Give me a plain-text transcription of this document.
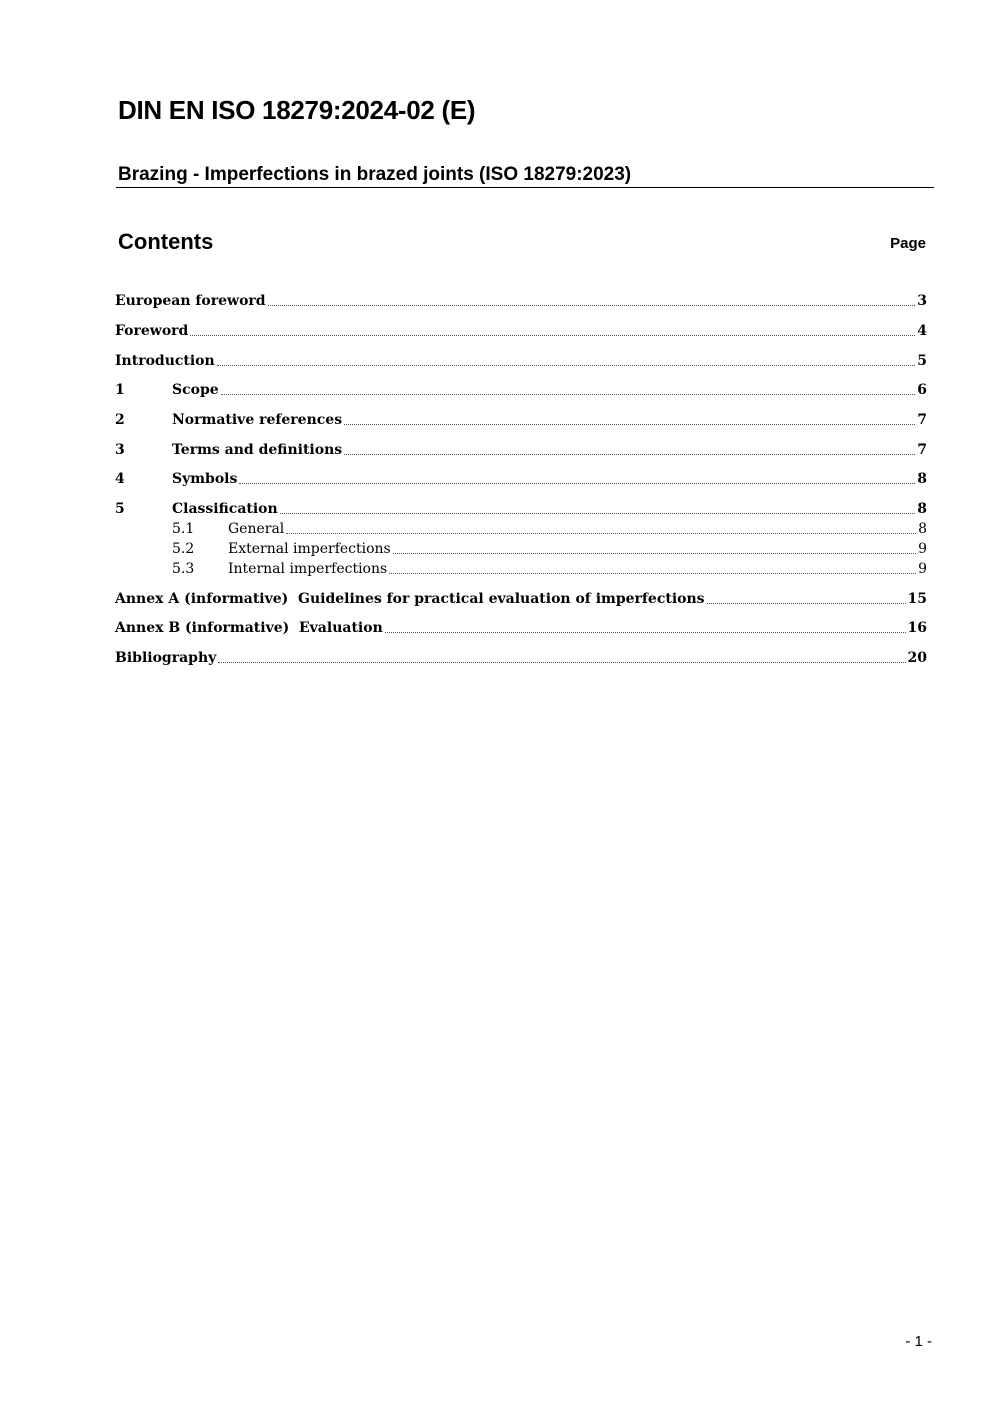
DIN EN ISO 18279:2024-02 (E)
Brazing - Imperfections in brazed joints (ISO 18279:2023)
Contents	Page
European foreword	3
Foreword	4
Introduction	5
1	Scope	6
2	Normative references	7
3	Terms and definitions	7
4	Symbols	8
5	Classification	8
5.1	General	8
5.2	External imperfections	9
5.3	Internal imperfections	9
Annex A (informative)  Guidelines for practical evaluation of imperfections	15
Annex B (informative)  Evaluation	16
Bibliography	20
- 1 -
